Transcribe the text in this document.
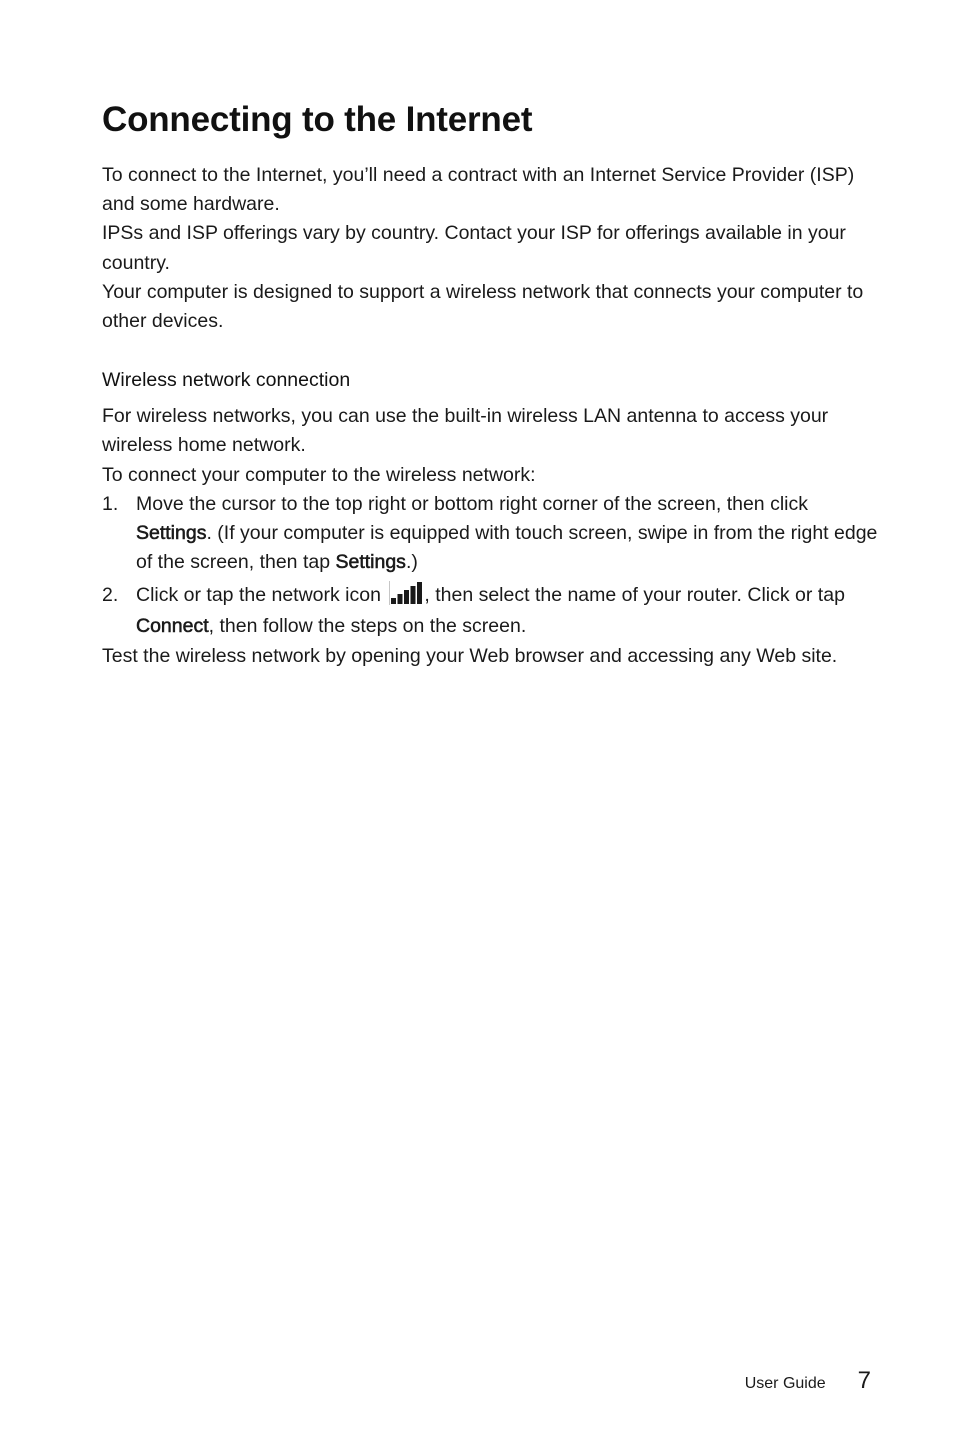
Connecting to the Internet

To connect to the Internet, you’ll need a contract with an Internet Service Provider (ISP) and some hardware.

IPSs and ISP offerings vary by country. Contact your ISP for offerings available in your country.

Your computer is designed to support a wireless network that connects your computer to other devices.

Wireless network connection

For wireless networks, you can use the built-in wireless LAN antenna to access your wireless home network.

To connect your computer to the wireless network:

1. Move the cursor to the top right or bottom right corner of the screen, then click Settings. (If your computer is equipped with touch screen, swipe in from the right edge of the screen, then tap Settings.)
2. Click or tap the network icon , then select the name of your router. Click or tap Connect, then follow the steps on the screen.

Test the wireless network by opening your Web browser and accessing any Web site.

User Guide 7
